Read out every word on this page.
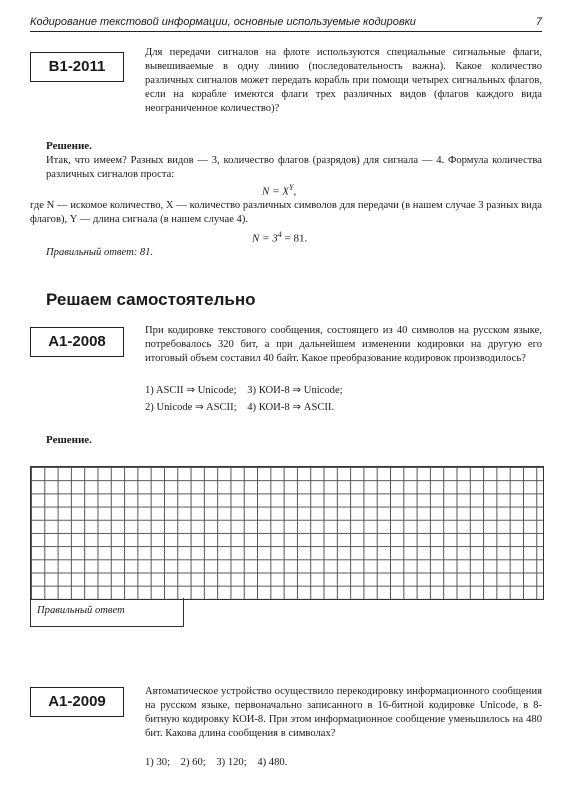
Кодирование текстовой информации, основные используемые кодировки	7
В1-2011
Для передачи сигналов на флоте используются специальные сигнальные флаги, вывешиваемые в одну линию (последовательность важна). Какое количество различных сигналов может передать корабль при помощи четырех сигнальных флагов, если на корабле имеются флаги трех различных видов (флагов каждого вида неограниченное количество)?
Решение.
Итак, что имеем? Разных видов — 3, количество флагов (разрядов) для сигнала — 4. Формула количества различных сигналов проста:
$N = X^Y$,
где N — искомое количество, X — количество различных символов для передачи (в нашем случае 3 разных вида флагов), Y — длина сигнала (в нашем случае 4).
$N = 3^4 = 81$.
Правильный ответ: 81.
Решаем самостоятельно
А1-2008
При кодировке текстового сообщения, состоящего из 40 символов на русском языке, потребовалось 320 бит, а при дальнейшем изменении кодировки на другую его итоговый объем составил 40 байт. Какое преобразование кодировок производилось?
1) ASCII ⇒ Unicode; 3) КОИ-8 ⇒ Unicode;
2) Unicode ⇒ ASCII; 4) КОИ-8 ⇒ ASCII.
Решение.
Правильный ответ
А1-2009
Автоматическое устройство осуществило перекодировку информационного сообщения на русском языке, первоначально записанного в 16-битной кодировке Unicode, в 8-битную кодировку КОИ-8. При этом информационное сообщение уменьшилось на 480 бит. Какова длина сообщения в символах?
1) 30; 2) 60; 3) 120; 4) 480.
